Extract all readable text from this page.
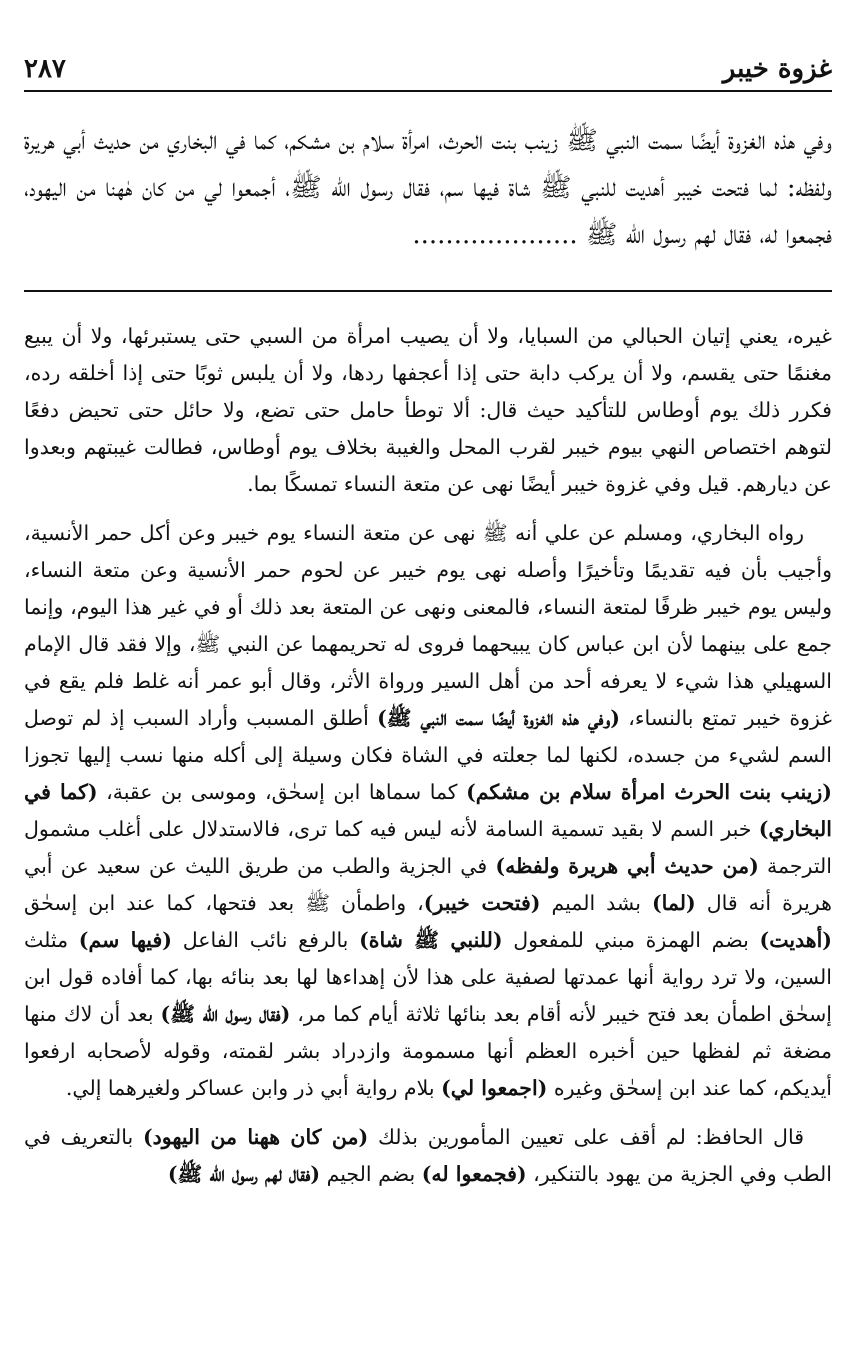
غزوة خيبر
٢٨٧
وفي هذه الغزوة أيضًا سمت النبي ﷺ زينب بنت الحرث، امرأة سلام بن مشكم، كما في البخاري من حديث أبي هريرة ولفظه: لما فتحت خيبر أهديت للنبي ﷺ شاة فيها سم، فقال رسول الله ﷺ، أجمعوا لي من كان هٰهنا من اليهود، فجمعوا له، فقال لهم رسول الله ﷺ ....................

غيره، يعني إتيان الحبالي من السبايا، ولا أن يصيب امرأة من السبي حتى يستبرئها، ولا أن يبيع مغنمًا حتى يقسم، ولا أن يركب دابة حتى إذا أعجفها ردها، ولا أن يلبس ثوبًا حتى إذا أخلقه رده، فكرر ذلك يوم أوطاس للتأكيد حيث قال: ألا توطأ حامل حتى تضع، ولا حائل حتى تحيض دفعًا لتوهم اختصاص النهي بيوم خيبر لقرب المحل والغيبة بخلاف يوم أوطاس، فطالت غيبتهم وبعدوا عن ديارهم. قيل وفي غزوة خيبر أيضًا نهى عن متعة النساء تمسكًا بما.

رواه البخاري، ومسلم عن علي أنه ﷺ نهى عن متعة النساء يوم خيبر وعن أكل حمر الأنسية، وأجيب بأن فيه تقديمًا وتأخيرًا وأصله نهى يوم خيبر عن لحوم حمر الأنسية وعن متعة النساء، وليس يوم خيبر ظرفًا لمتعة النساء، فالمعنى ونهى عن المتعة بعد ذلك أو في غير هذا اليوم، وإنما جمع على بينهما لأن ابن عباس كان يبيحهما فروى له تحريمهما عن النبي ﷺ، وإلا فقد قال الإمام السهيلي هذا شيء لا يعرفه أحد من أهل السير ورواة الأثر، وقال أبو عمر أنه غلط فلم يقع في غزوة خيبر تمتع بالنساء، (وفي هذه الغزوة أيضًا سمت النبي ﷺ) أطلق المسبب وأراد السبب إذ لم توصل السم لشيء من جسده، لكنها لما جعلته في الشاة فكان وسيلة إلى أكله منها نسب إليها تجوزا (زينب بنت الحرث امرأة سلام بن مشكم) كما سماها ابن إسحٰق، وموسى بن عقبة، (كما في البخاري) خبر السم لا بقيد تسمية السامة لأنه ليس فيه كما ترى، فالاستدلال على أغلب مشمول الترجمة (من حديث أبي هريرة ولفظه) في الجزية والطب من طريق الليث عن سعيد عن أبي هريرة أنه قال (لما) بشد الميم (فتحت خيبر)، واطمأن ﷺ بعد فتحها، كما عند ابن إسحٰق (أهديت) بضم الهمزة مبني للمفعول (للنبي ﷺ شاة) بالرفع نائب الفاعل (فيها سم) مثلث السين، ولا ترد رواية أنها عمدتها لصفية على هذا لأن إهداءها لها بعد بنائه بها، كما أفاده قول ابن إسحٰق اطمأن بعد فتح خيبر لأنه أقام بعد بنائها ثلاثة أيام كما مر، (فقال رسول الله ﷺ) بعد أن لاك منها مضغة ثم لفظها حين أخبره العظم أنها مسمومة وازدراد بشر لقمته، وقوله لأصحابه ارفعوا أيديكم، كما عند ابن إسحٰق وغيره (اجمعوا لي) بلام رواية أبي ذر وابن عساكر ولغيرهما إلي.

قال الحافظ: لم أقف على تعيين المأمورين بذلك (من كان ههنا من اليهود) بالتعريف في الطب وفي الجزية من يهود بالتنكير، (فجمعوا له) بضم الجيم (فقال لهم رسول الله ﷺ)
